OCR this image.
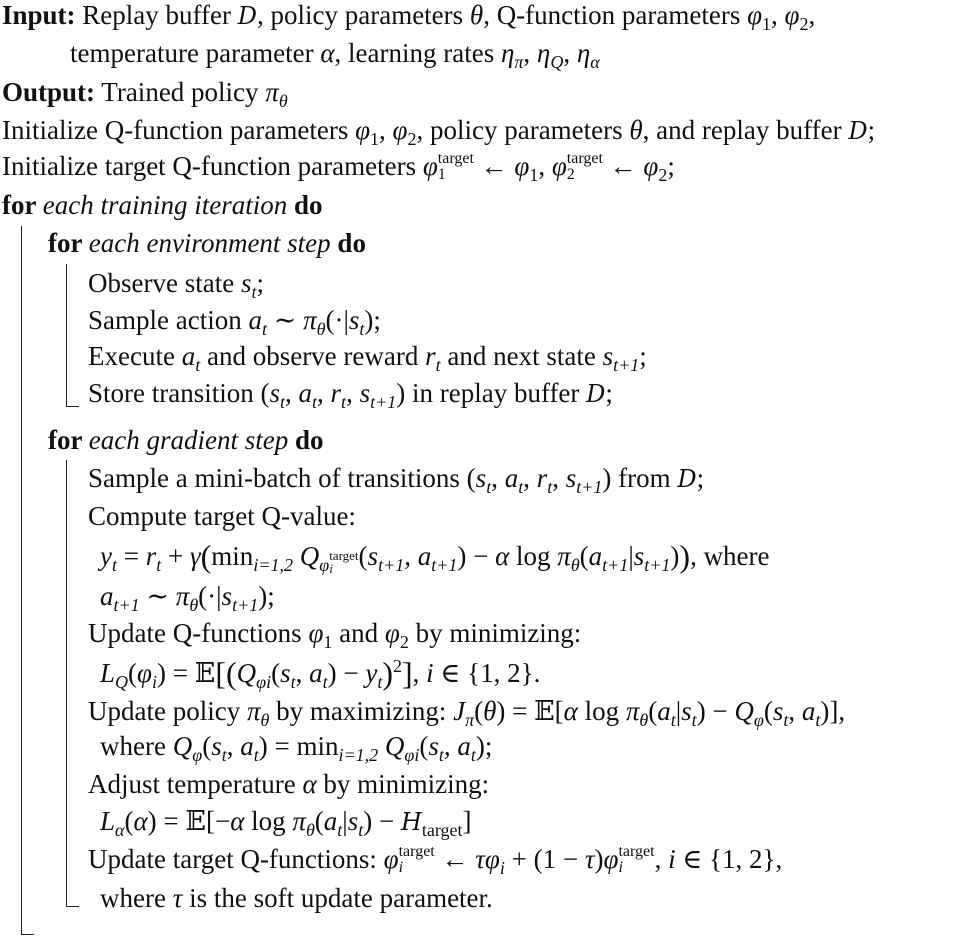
Input: Replay buffer D, policy parameters θ, Q-function parameters $\varphi_1$, $\varphi_2$,
temperature parameter α, learning rates $\eta_\pi$, $\eta_Q$, $\eta_\alpha$
Output: Trained policy $\pi_\theta$
Initialize Q-function parameters $\varphi_1$, $\varphi_2$, policy parameters θ, and replay buffer D;
Initialize target Q-function parameters φ target
1	← $\varphi_1$, φ target
2	← $\varphi_2$;
for each training iteration do
for each environment step do
Observe state $s_t$;
Sample action $a_t$ ∼ $\pi_\theta(\cdot|s_t)$;
Execute $a_t$ and observe reward $r_t$ and next state $s_{t+1}$;
Store transition ($s_t$, $a_t$, $r_t$, $s_{t+1}$) in replay buffer D;
for each gradient step do
Sample a mini-batch of transitions ($s_t$, $a_t$, $r_t$, $s_{t+1}$) from D;
Compute target Q-value:
$y_t = r_t + \gamma(\min_{i=1,2}$ $Q_\varphi$ target
i ($s_{t+1}$, $a_{t+1}) - \alpha$ $\log \pi_\theta(a_{t+1}|s_{t+1})$), where
$a_{t+1}$ ∼ $\pi_\theta(\cdot|s_{t+1})$;
Update Q-functions $\varphi_1$ and $\varphi_2$ by minimizing:
$L_Q(\varphi_i)$ = $𝔼[(Q_{\varphi i}(s_t$, $a_t) - y_t)^2$], i ∈ {1, 2}.
Update policy $\pi_\theta$ by maximizing: $J_\pi(\theta)$ = 𝔼[α $\log \pi_\theta(a_t|s_t) - Q_\varphi(s_t$, $a_t$)],
where $Q_\varphi(s_t$, $a_t) = \min_{i=1,2} Q_{\varphi i}(s_t$, $a_t$);
Adjust temperature α by minimizing:
$L_\alpha(\alpha)$ = 𝔼[−α $\log \pi_\theta(a_t|s_t) - H_{target}$]
Update target Q-functions: φ target
i	← $\tau\varphi_i + (1 - \tau)\varphi$ target
i	, i ∈ {1, 2},
where τ is the soft update parameter.
